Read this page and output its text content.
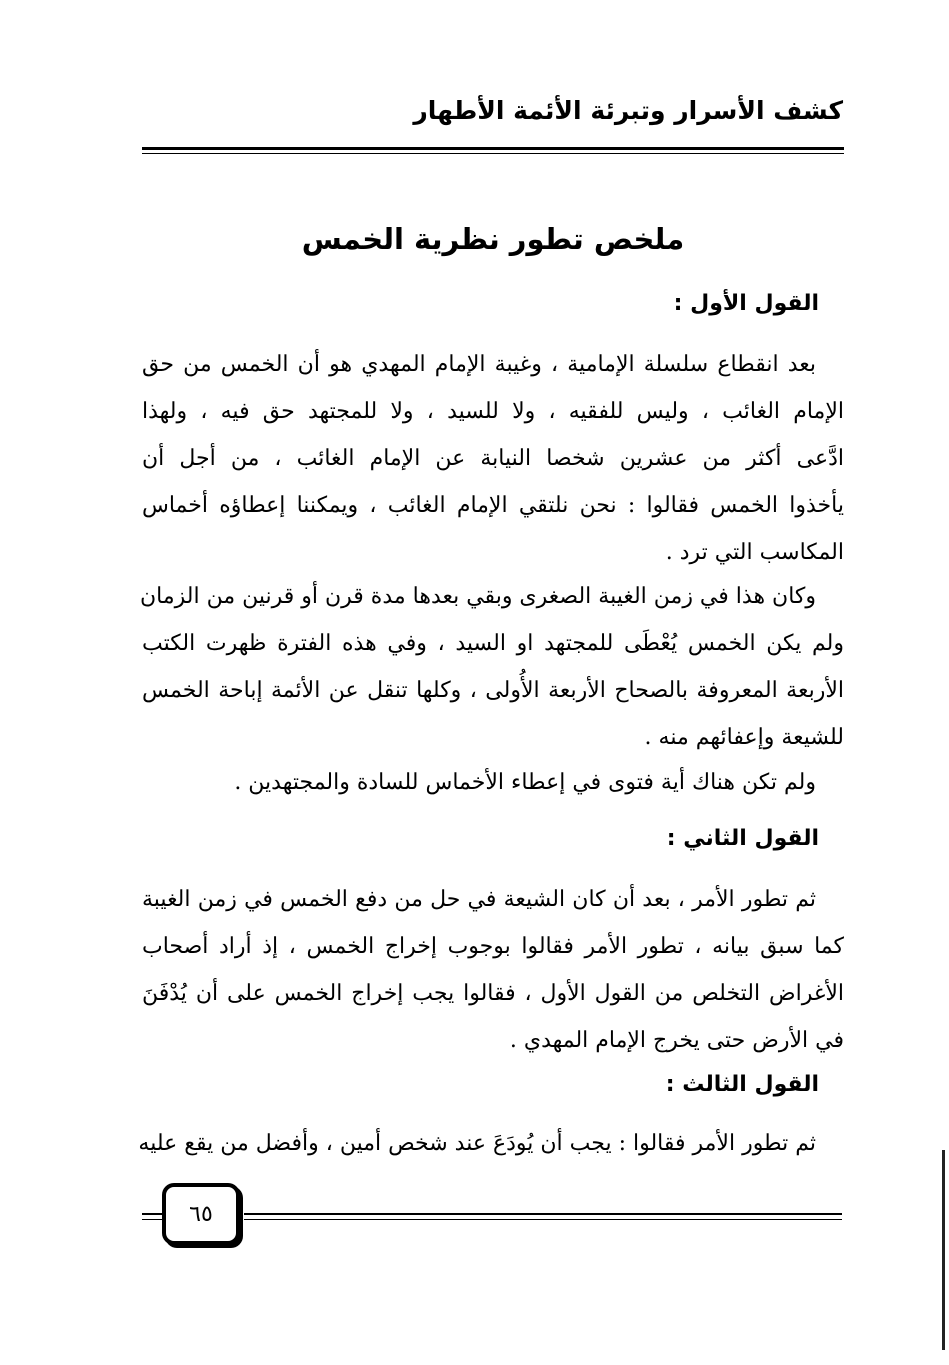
كشف الأسرار وتبرئة الأئمة الأطهار
ملخص تطور نظرية الخمس
القول الأول :
بعد انقطاع سلسلة الإمامية ، وغيبة الإمام المهدي هو أن الخمس من حق
الإمام الغائب ، وليس للفقيه ، ولا للسيد ، ولا للمجتهد حق فيه ، ولهذا
ادَّعى أكثر من عشرين شخصا النيابة عن الإمام الغائب ، من أجل أن
يأخذوا الخمس فقالوا : نحن نلتقي الإمام الغائب ، ويمكننا إعطاؤه أخماس
المكاسب التي ترد .
وكان هذا في زمن الغيبة الصغرى وبقي بعدها مدة قرن أو قرنين من الزمان
ولم يكن الخمس يُعْطَى للمجتهد او السيد ، وفي هذه الفترة ظهرت الكتب
الأربعة المعروفة بالصحاح الأربعة الأُولى ، وكلها تنقل عن الأئمة إباحة الخمس
للشيعة وإعفائهم منه .
ولم تكن هناك أية فتوى في إعطاء الأخماس للسادة والمجتهدين .
القول الثاني :
ثم تطور الأمر ، بعد أن كان الشيعة في حل من دفع الخمس في زمن الغيبة
كما سبق بيانه ، تطور الأمر فقالوا بوجوب إخراج الخمس ، إذ أراد أصحاب
الأغراض التخلص من القول الأول ، فقالوا يجب إخراج الخمس على أن يُدْفَنَ
في الأرض حتى يخرج الإمام المهدي .
القول الثالث :
ثم تطور الأمر فقالوا : يجب أن يُودَعَ عند شخص أمين ، وأفضل من يقع عليه
٦٥
